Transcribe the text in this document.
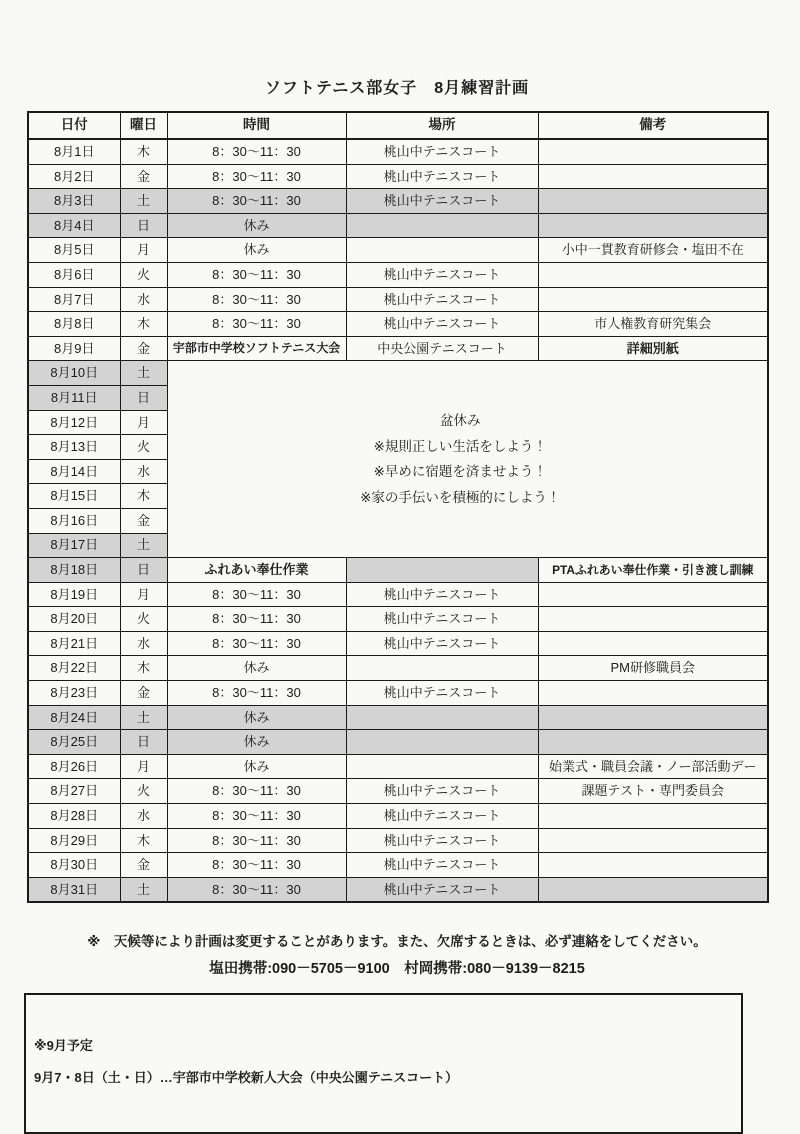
ソフトテニス部女子　8月練習計画
日付	曜日	時間	場所	備考
8月1日	木	8：30～11：30	桃山中テニスコート	
8月2日	金	8：30～11：30	桃山中テニスコート	
8月3日	土	8：30～11：30	桃山中テニスコート	
8月4日	日	休み		
8月5日	月	休み		小中一貫教育研修会・塩田不在
8月6日	火	8：30～11：30	桃山中テニスコート	
8月7日	水	8：30～11：30	桃山中テニスコート	
8月8日	木	8：30～11：30	桃山中テニスコート	市人権教育研究集会
8月9日	金	宇部市中学校ソフトテニス大会	中央公園テニスコート	詳細別紙
8月10日	土	盆休み
※規則正しい生活をしよう！
※早めに宿題を済ませよう！
※家の手伝いを積極的にしよう！		

8月11日	日			
8月12日	月			
8月13日	火			
8月14日	水			
8月15日	木			
8月16日	金			
8月17日	土			
8月18日	日	ふれあい奉仕作業		PTAふれあい奉仕作業・引き渡し訓練
8月19日	月	8：30～11：30	桃山中テニスコート	
8月20日	火	8：30～11：30	桃山中テニスコート	
8月21日	水	8：30～11：30	桃山中テニスコート	
8月22日	木	休み		PM研修職員会
8月23日	金	8：30～11：30	桃山中テニスコート	
8月24日	土	休み		
8月25日	日	休み		
8月26日	月	休み		始業式・職員会議・ノー部活動デー
8月27日	火	8：30～11：30	桃山中テニスコート	課題テスト・専門委員会
8月28日	水	8：30～11：30	桃山中テニスコート	
8月29日	木	8：30～11：30	桃山中テニスコート	
8月30日	金	8：30～11：30	桃山中テニスコート	
8月31日	土	8：30～11：30	桃山中テニスコート	
※　天候等により計画は変更することがあります。また、欠席するときは、必ず連絡をしてください。
塩田携帯:090－5705－9100　村岡携帯:080－9139－8215
※9月予定
9月7・8日（土・日）…宇部市中学校新人大会（中央公園テニスコート）
